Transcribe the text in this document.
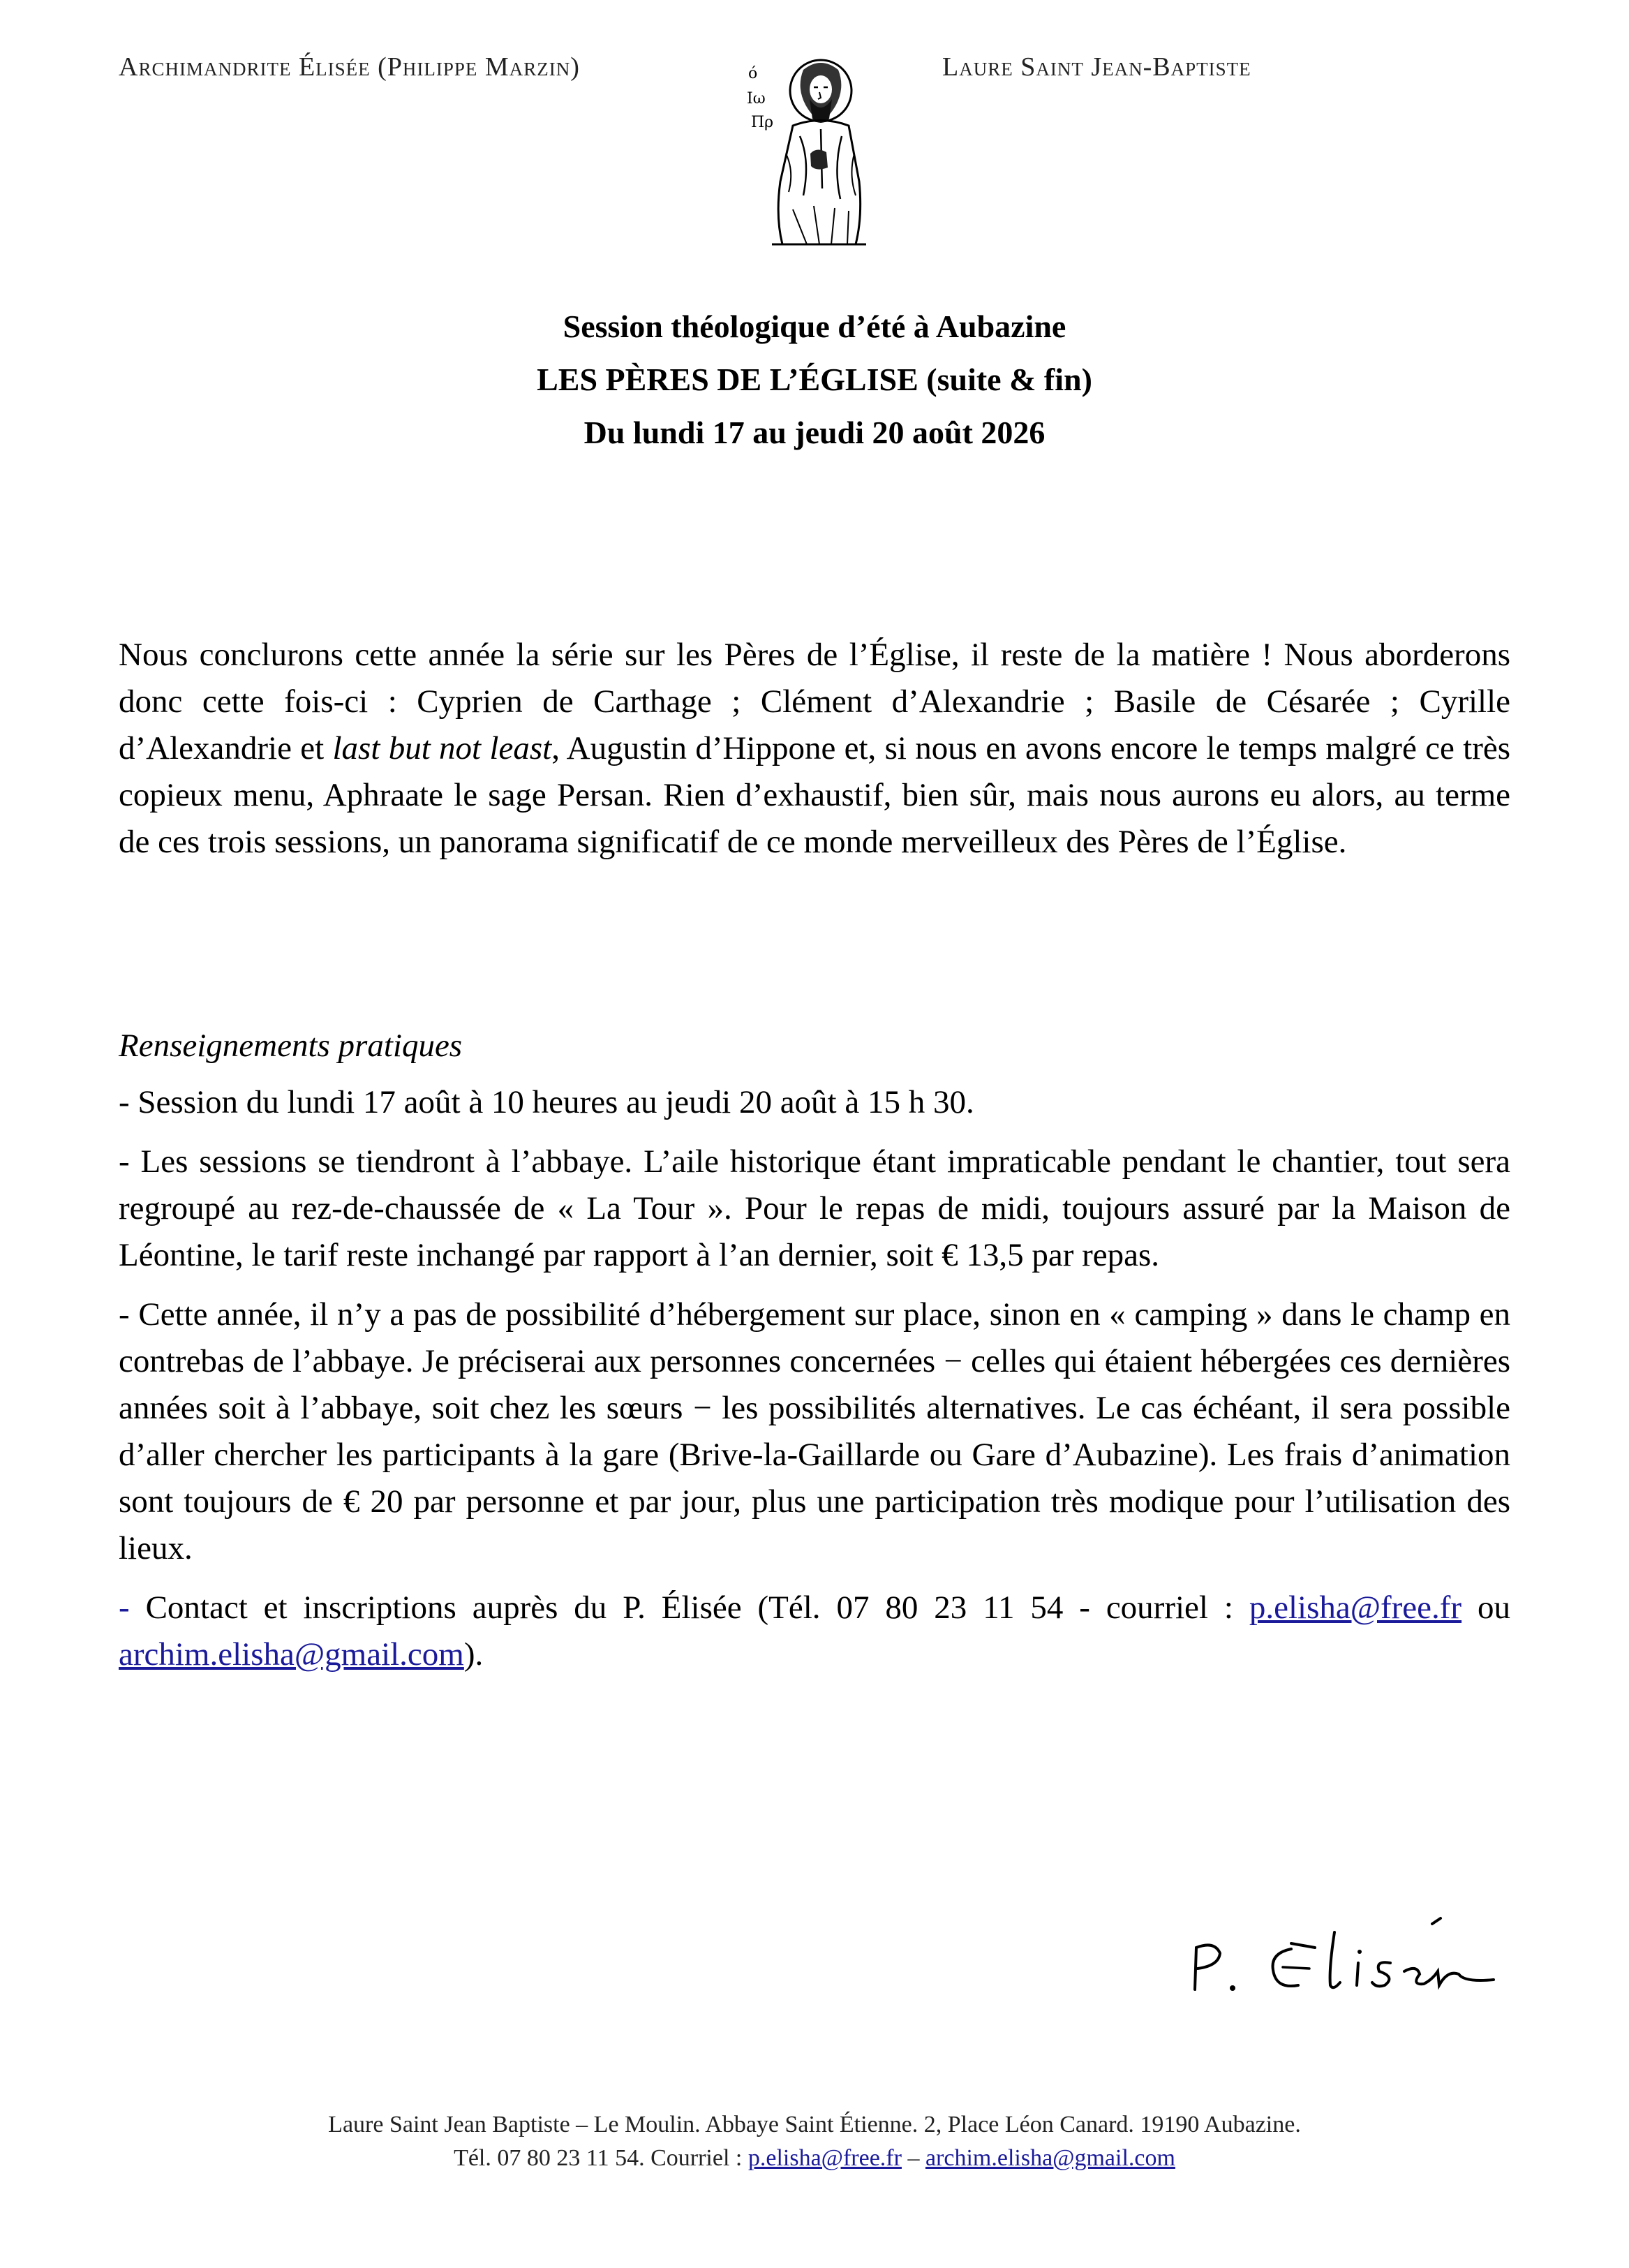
Archimandrite Élisée (Philippe Marzin)	Laure Saint Jean-Baptiste
ό
Ιω
Πρ
Session théologique d’été à Aubazine
LES PÈRES DE L’ÉGLISE (suite & fin)
Du lundi 17 au jeudi 20 août 2026
Nous conclurons cette année la série sur les Pères de l’Église, il reste de la matière ! Nous aborderons donc cette fois-ci : Cyprien de Carthage ; Clément d’Alexandrie ; Basile de Césarée ; Cyrille d’Alexandrie et last but not least, Augustin d’Hippone et, si nous en avons encore le temps malgré ce très copieux menu, Aphraate le sage Persan. Rien d’exhaustif, bien sûr, mais nous aurons eu alors, au terme de ces trois sessions, un panorama significatif de ce monde merveilleux des Pères de l’Église.

Renseignements pratiques

- Session du lundi 17 août à 10 heures au jeudi 20 août à 15 h 30.

- Les sessions se tiendront à l’abbaye. L’aile historique étant impraticable pendant le chantier, tout sera regroupé au rez-de-chaussée de « La Tour ». Pour le repas de midi, toujours assuré par la Maison de Léontine, le tarif reste inchangé par rapport à l’an dernier, soit € 13,5 par repas.

- Cette année, il n’y a pas de possibilité d’hébergement sur place, sinon en « camping » dans le champ en contrebas de l’abbaye. Je préciserai aux personnes concernées − celles qui étaient hébergées ces dernières années soit à l’abbaye, soit chez les sœurs − les possibilités alternatives. Le cas échéant, il sera possible d’aller chercher les participants à la gare (Brive-la-Gaillarde ou Gare d’Aubazine). Les frais d’animation sont toujours de € 20 par personne et par jour, plus une participation très modique pour l’utilisation des lieux.

- Contact et inscriptions auprès du P. Élisée (Tél. 07 80 23 11 54 - courriel : p.elisha@free.fr ou archim.elisha@gmail.com).

Laure Saint Jean Baptiste – Le Moulin. Abbaye Saint Étienne. 2, Place Léon Canard. 19190 Aubazine.
Tél. 07 80 23 11 54. Courriel : p.elisha@free.fr – archim.elisha@gmail.com
